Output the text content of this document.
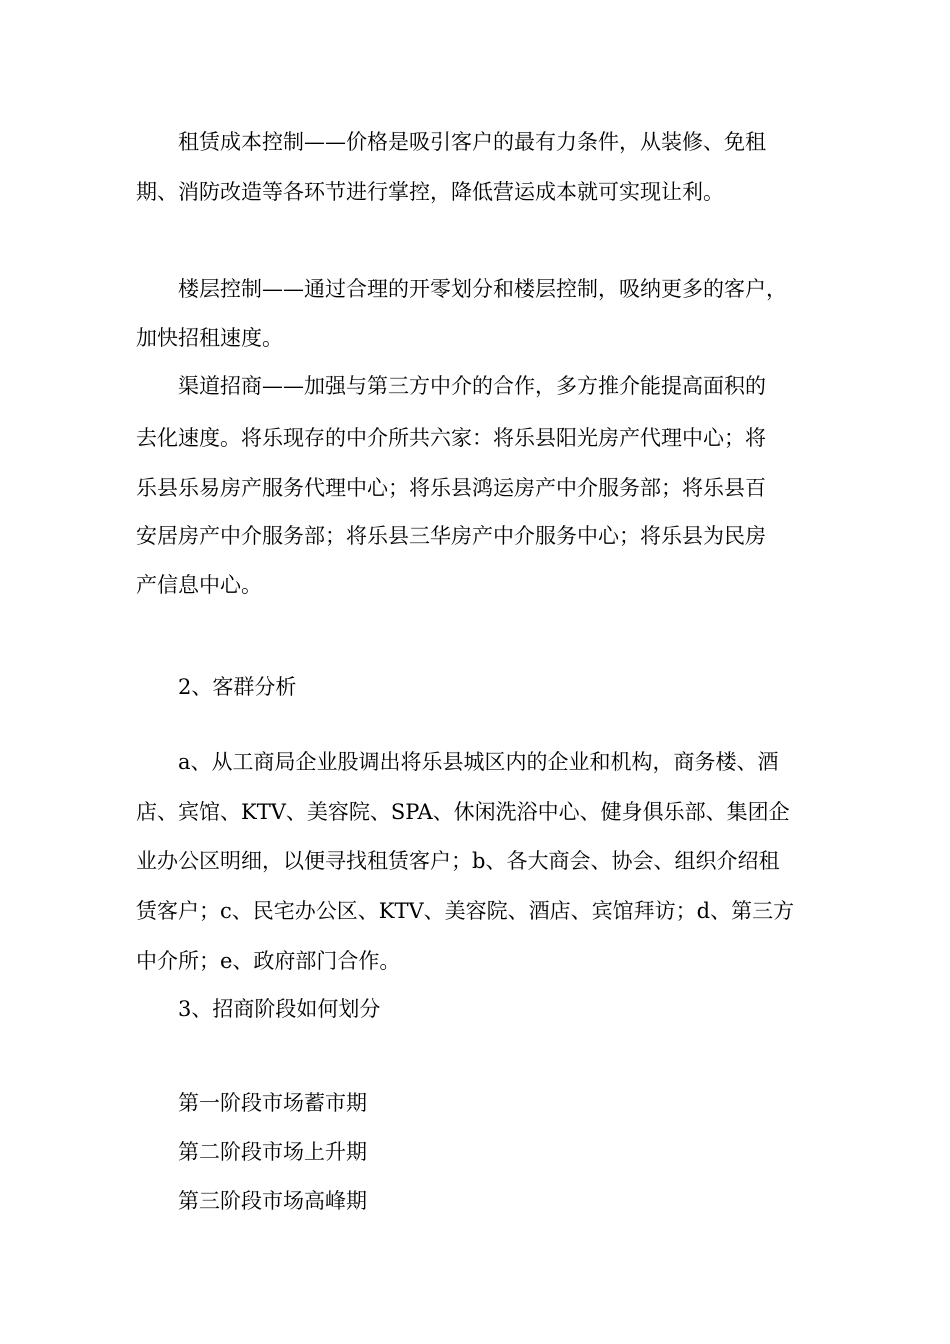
租赁成本控制——价格是吸引客户的最有力条件，从装修、免租
期、消防改造等各环节进行掌控，降低营运成本就可实现让利。
楼层控制——通过合理的开零划分和楼层控制，吸纳更多的客户，
加快招租速度。
渠道招商——加强与第三方中介的合作，多方推介能提高面积的
去化速度。将乐现存的中介所共六家：将乐县阳光房产代理中心；将
乐县乐易房产服务代理中心；将乐县鸿运房产中介服务部；将乐县百
安居房产中介服务部；将乐县三华房产中介服务中心；将乐县为民房
产信息中心。
2、客群分析
a、从工商局企业股调出将乐县城区内的企业和机构，商务楼、酒
店、宾馆、KTV、美容院、SPA、休闲洗浴中心、健身俱乐部、集团企
业办公区明细，以便寻找租赁客户；b、各大商会、协会、组织介绍租
赁客户；c、民宅办公区、KTV、美容院、酒店、宾馆拜访；d、第三方
中介所；e、政府部门合作。
3、招商阶段如何划分
第一阶段市场蓄市期
第二阶段市场上升期
第三阶段市场高峰期
